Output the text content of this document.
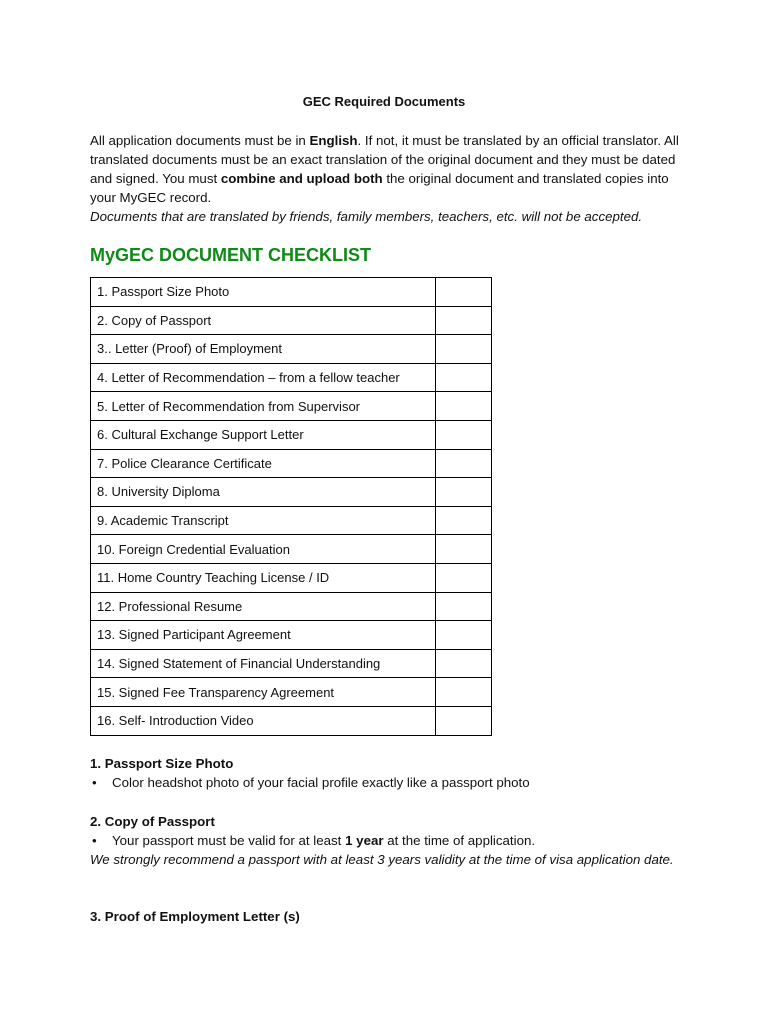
GEC Required Documents
All application documents must be in English. If not, it must be translated by an official translator. All translated documents must be an exact translation of the original document and they must be dated and signed. You must combine and upload both the original document and translated copies into your MyGEC record.
Documents that are translated by friends, family members, teachers, etc. will not be accepted.
MyGEC DOCUMENT CHECKLIST
1. Passport Size Photo	
2. Copy of Passport	
3.. Letter (Proof) of Employment	
4. Letter of Recommendation – from a fellow teacher	
5. Letter of Recommendation from Supervisor	
6. Cultural Exchange Support Letter	
7. Police Clearance Certificate	
8. University Diploma	
9. Academic Transcript	
10. Foreign Credential Evaluation	
11. Home Country Teaching License / ID	
12. Professional Resume	
13. Signed Participant Agreement	
14. Signed Statement of Financial Understanding	
15. Signed Fee Transparency Agreement	
16. Self- Introduction Video	
1. Passport Size Photo
• Color headshot photo of your facial profile exactly like a passport photo
2. Copy of Passport
• Your passport must be valid for at least 1 year at the time of application.
We strongly recommend a passport with at least 3 years validity at the time of visa application date.
3. Proof of Employment Letter (s)
